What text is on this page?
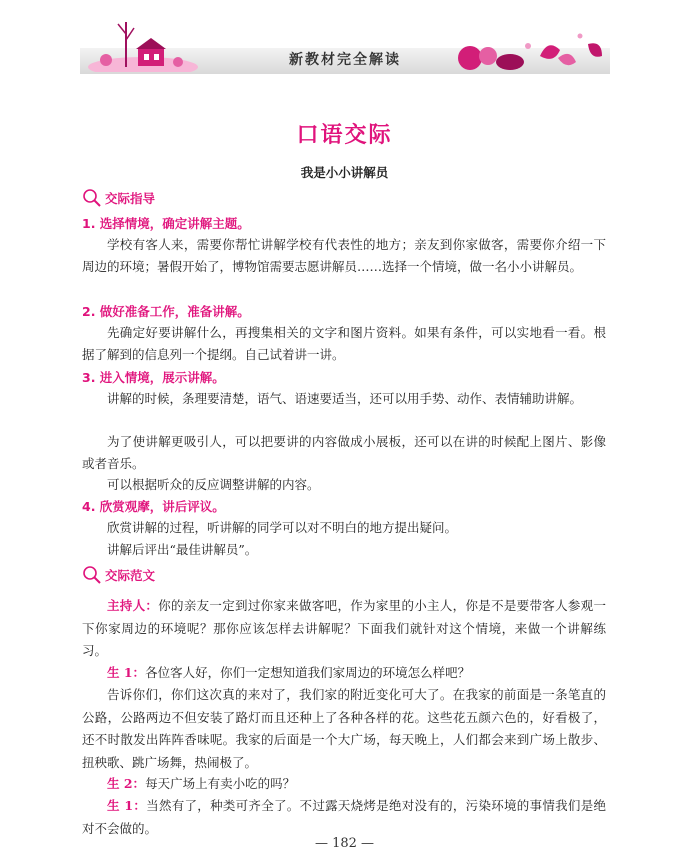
新教材完全解读
口语交际
我是小小讲解员
交际指导
1. 选择情境，确定讲解主题。
学校有客人来，需要你帮忙讲解学校有代表性的地方；亲友到你家做客，需要你介绍一下周边的环境；暑假开始了，博物馆需要志愿讲解员……选择一个情境，做一名小小讲解员。
2. 做好准备工作，准备讲解。
先确定好要讲解什么，再搜集相关的文字和图片资料。如果有条件，可以实地看一看。根据了解到的信息列一个提纲。自己试着讲一讲。
3. 进入情境，展示讲解。
讲解的时候，条理要清楚，语气、语速要适当，还可以用手势、动作、表情辅助讲解。
为了使讲解更吸引人，可以把要讲的内容做成小展板，还可以在讲的时候配上图片、影像或者音乐。
可以根据听众的反应调整讲解的内容。
4. 欣赏观摩，讲后评议。
欣赏讲解的过程，听讲解的同学可以对不明白的地方提出疑问。
讲解后评出“最佳讲解员”。
交际范文
主持人：你的亲友一定到过你家来做客吧，作为家里的小主人，你是不是要带客人参观一下你家周边的环境呢？那你应该怎样去讲解呢？下面我们就针对这个情境，来做一个讲解练习。
生 1：各位客人好，你们一定想知道我们家周边的环境怎么样吧？
告诉你们，你们这次真的来对了，我们家的附近变化可大了。在我家的前面是一条笔直的公路，公路两边不但安装了路灯而且还种上了各种各样的花。这些花五颜六色的，好看极了，还不时散发出阵阵香味呢。我家的后面是一个大广场，每天晚上，人们都会来到广场上散步、扭秧歌、跳广场舞，热闹极了。
生 2：每天广场上有卖小吃的吗？
生 1：当然有了，种类可齐全了。不过露天烧烤是绝对没有的，污染环境的事情我们是绝对不会做的。
— 182 —
